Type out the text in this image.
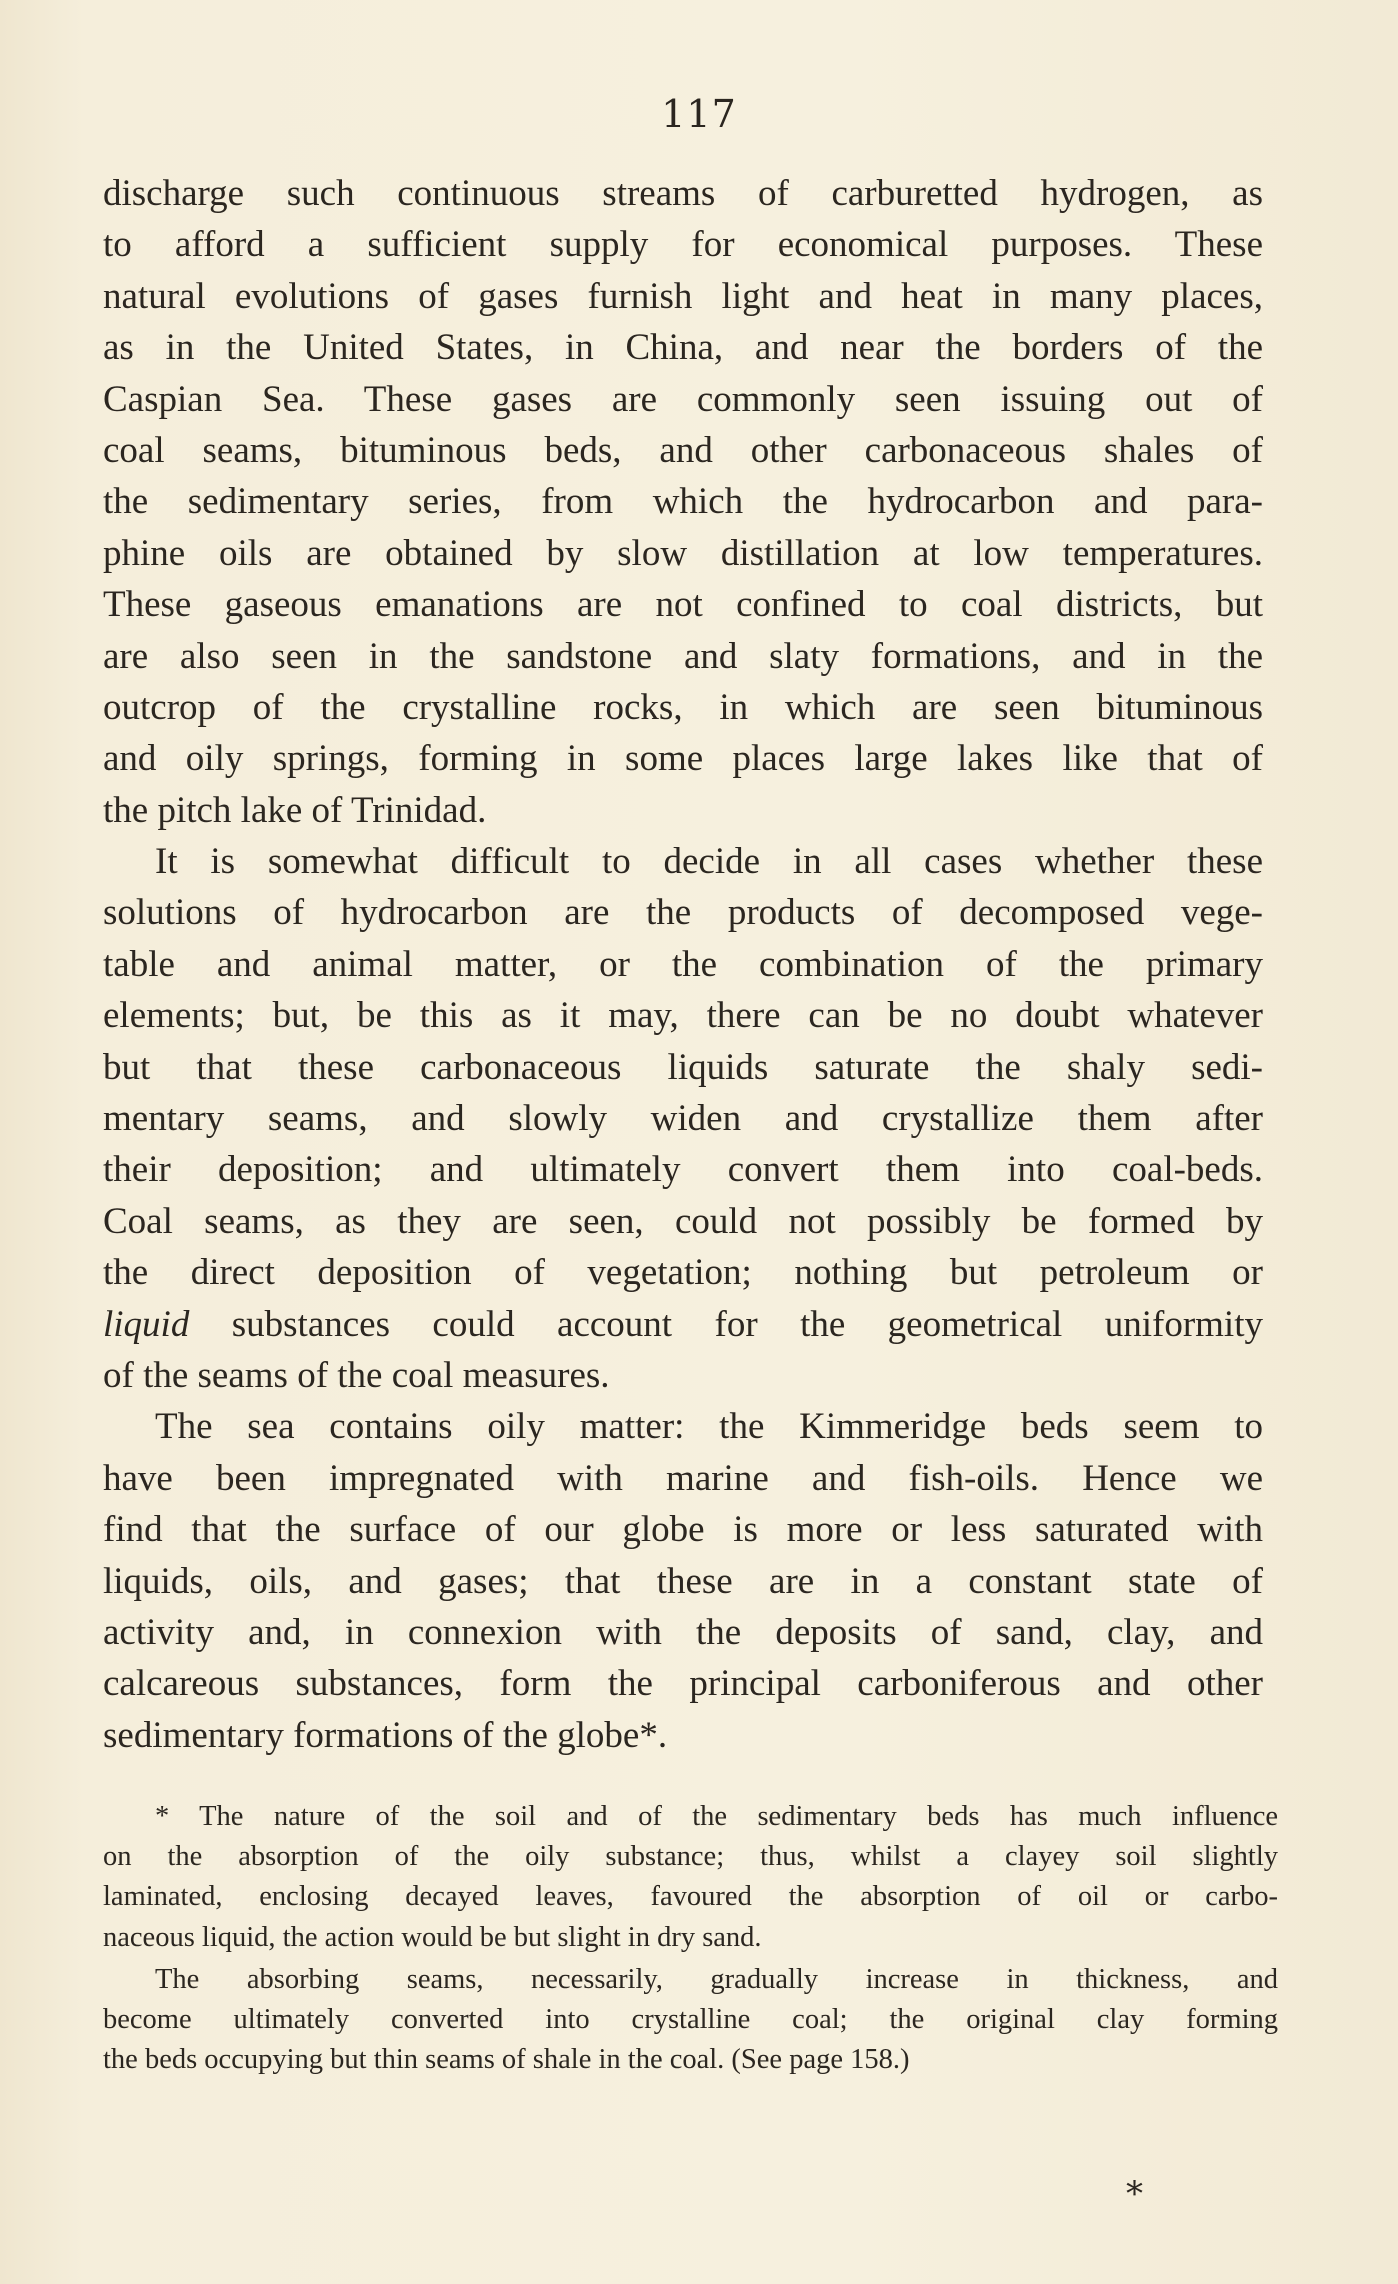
117
discharge such continuous streams of carburetted hydrogen, as
to afford a sufficient supply for economical purposes. These
natural evolutions of gases furnish light and heat in many places,
as in the United States, in China, and near the borders of the
Caspian Sea. These gases are commonly seen issuing out of
coal seams, bituminous beds, and other carbonaceous shales of
the sedimentary series, from which the hydrocarbon and para-
phine oils are obtained by slow distillation at low temperatures.
These gaseous emanations are not confined to coal districts, but
are also seen in the sandstone and slaty formations, and in the
outcrop of the crystalline rocks, in which are seen bituminous
and oily springs, forming in some places large lakes like that of
the pitch lake of Trinidad.
It is somewhat difficult to decide in all cases whether these
solutions of hydrocarbon are the products of decomposed vege-
table and animal matter, or the combination of the primary
elements; but, be this as it may, there can be no doubt whatever
but that these carbonaceous liquids saturate the shaly sedi-
mentary seams, and slowly widen and crystallize them after
their deposition; and ultimately convert them into coal-beds.
Coal seams, as they are seen, could not possibly be formed by
the direct deposition of vegetation; nothing but petroleum or
liquid substances could account for the geometrical uniformity
of the seams of the coal measures.
The sea contains oily matter: the Kimmeridge beds seem to
have been impregnated with marine and fish-oils. Hence we
find that the surface of our globe is more or less saturated with
liquids, oils, and gases; that these are in a constant state of
activity and, in connexion with the deposits of sand, clay, and
calcareous substances, form the principal carboniferous and other
sedimentary formations of the globe*.
* The nature of the soil and of the sedimentary beds has much influence
on the absorption of the oily substance; thus, whilst a clayey soil slightly
laminated, enclosing decayed leaves, favoured the absorption of oil or carbo-
naceous liquid, the action would be but slight in dry sand.
The absorbing seams, necessarily, gradually increase in thickness, and
become ultimately converted into crystalline coal; the original clay forming
the beds occupying but thin seams of shale in the coal. (See page 158.)
*
